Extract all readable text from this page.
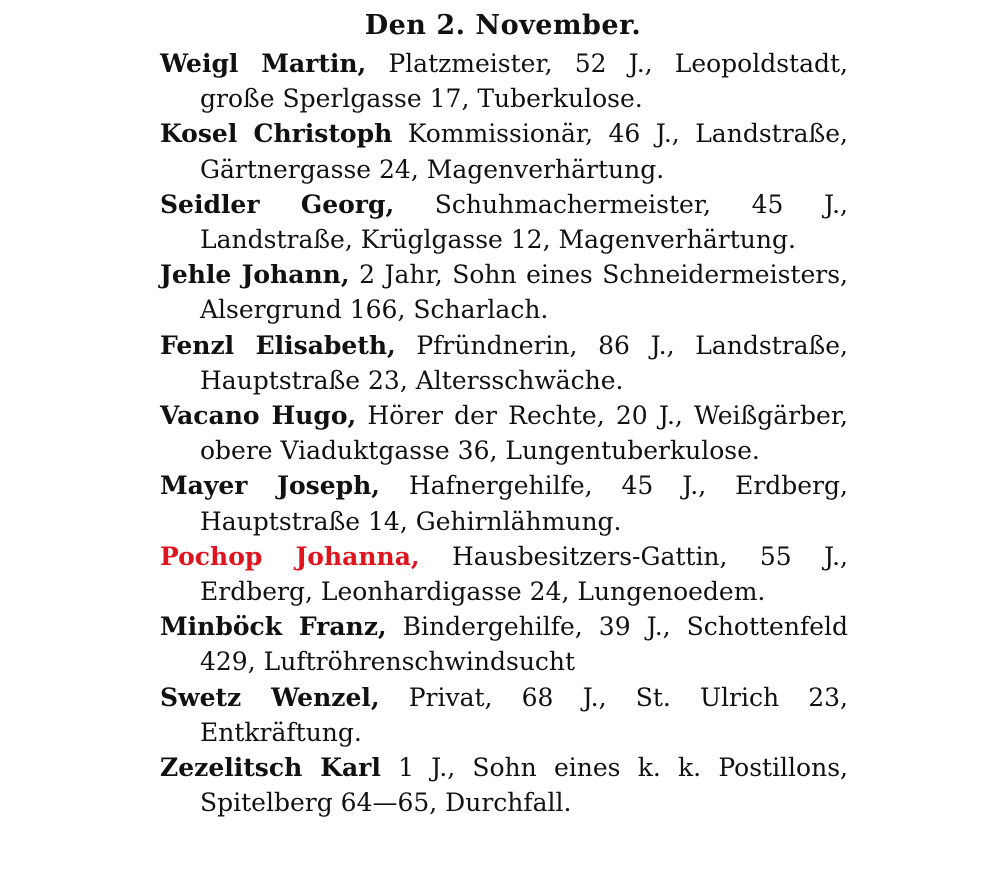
Den 2. November.
Weigl Martin, Platzmeister, 52 J., Leopoldstadt, große Sperlgasse 17, Tuberkulose.
Kosel Christoph Kommissionär, 46 J., Landstraße, Gärtnergasse 24, Magenverhärtung.
Seidler Georg, Schuhmachermeister, 45 J., Landstraße, Krüglgasse 12, Magenverhärtung.
Jehle Johann, 2 Jahr, Sohn eines Schneidermeisters, Alsergrund 166, Scharlach.
Fenzl Elisabeth, Pfründnerin, 86 J., Landstraße, Hauptstraße 23, Altersschwäche.
Vacano Hugo, Hörer der Rechte, 20 J., Weißgärber, obere Viaduktgasse 36, Lungentuberkulose.
Mayer Joseph, Hafnergehilfe, 45 J., Erdberg, Hauptstraße 14, Gehirnlähmung.
Pochop Johanna, Hausbesitzers-Gattin, 55 J., Erdberg, Leonhardigasse 24, Lungenoedem.
Minböck Franz, Bindergehilfe, 39 J., Schottenfeld 429, Luftröhrenschwindsucht
Swetz Wenzel, Privat, 68 J., St. Ulrich 23, Entkräftung.
Zezelitsch Karl 1 J., Sohn eines k. k. Postillons, Spitelberg 64—65, Durchfall.
